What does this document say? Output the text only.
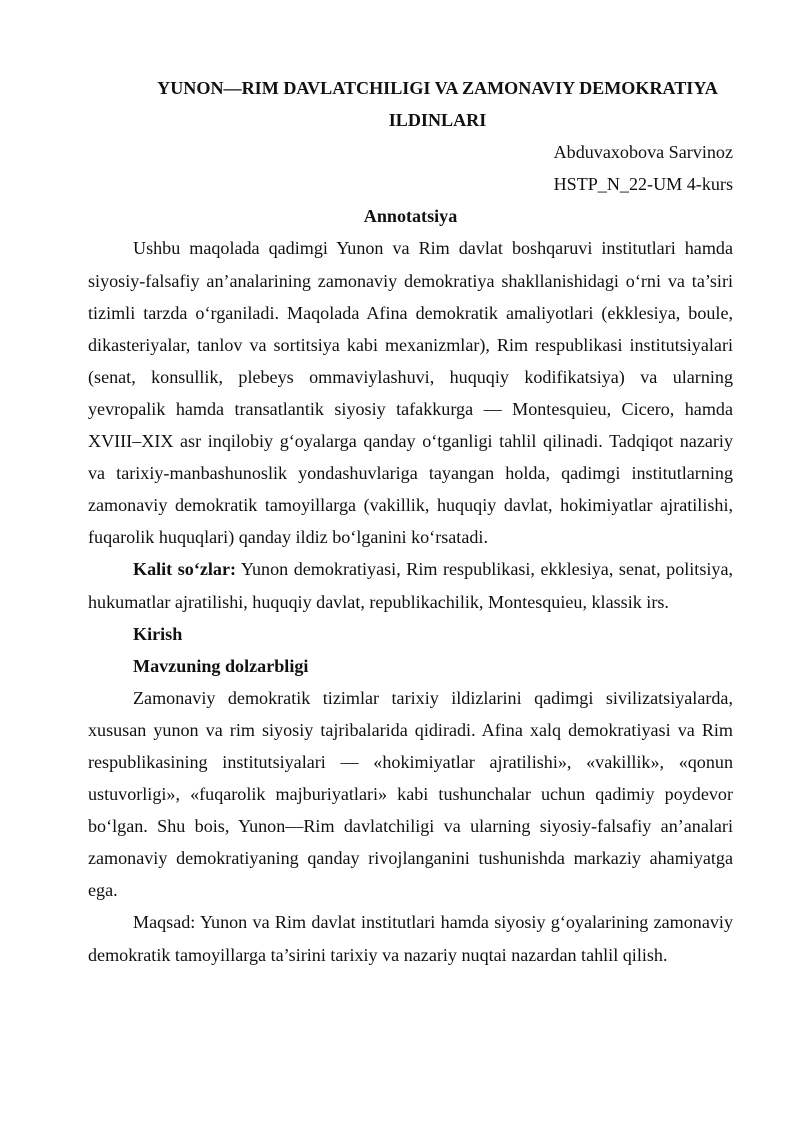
YUNON—RIM DAVLATCHILIGI VA ZAMONAVIY DEMOKRATIYA
ILDINLARI

Abduvaxobova Sarvinoz

HSTP_N_22-UM 4-kurs

Annotatsiya

Ushbu maqolada qadimgi Yunon va Rim davlat boshqaruvi institutlari hamda siyosiy-falsafiy an’analarining zamonaviy demokratiya shakllanishidagi o‘rni va ta’siri tizimli tarzda o‘rganiladi. Maqolada Afina demokratik amaliyotlari (ekklesiya, boule, dikasteriyalar, tanlov va sortitsiya kabi mexanizmlar), Rim respublikasi institutsiyalari (senat, konsullik, plebeys ommaviylashuvi, huquqiy kodifikatsiya) va ularning yevropalik hamda transatlantik siyosiy tafakkurga — Montesquieu, Cicero, hamda XVIII–XIX asr inqilobiy g‘oyalarga qanday o‘tganligi tahlil qilinadi. Tadqiqot nazariy va tarixiy-manbashunoslik yondashuvlariga tayangan holda, qadimgi institutlarning zamonaviy demokratik tamoyillarga (vakillik, huquqiy davlat, hokimiyatlar ajratilishi, fuqarolik huquqlari) qanday ildiz bo‘lganini ko‘rsatadi.

Kalit so‘zlar: Yunon demokratiyasi, Rim respublikasi, ekklesiya, senat, politsiya, hukumatlar ajratilishi, huquqiy davlat, republikachilik, Montesquieu, klassik irs.

Kirish

Mavzuning dolzarbligi

Zamonaviy demokratik tizimlar tarixiy ildizlarini qadimgi sivilizatsiyalarda, xususan yunon va rim siyosiy tajribalarida qidiradi. Afina xalq demokratiyasi va Rim respublikasining institutsiyalari — «hokimiyatlar ajratilishi», «vakillik», «qonun ustuvorligi», «fuqarolik majburiyatlari» kabi tushunchalar uchun qadimiy poydevor bo‘lgan. Shu bois, Yunon—Rim davlatchiligi va ularning siyosiy-falsafiy an’analari zamonaviy demokratiyaning qanday rivojlanganini tushunishda markaziy ahamiyatga ega.

Maqsad: Yunon va Rim davlat institutlari hamda siyosiy g‘oyalarining zamonaviy demokratik tamoyillarga ta’sirini tarixiy va nazariy nuqtai nazardan tahlil qilish.
